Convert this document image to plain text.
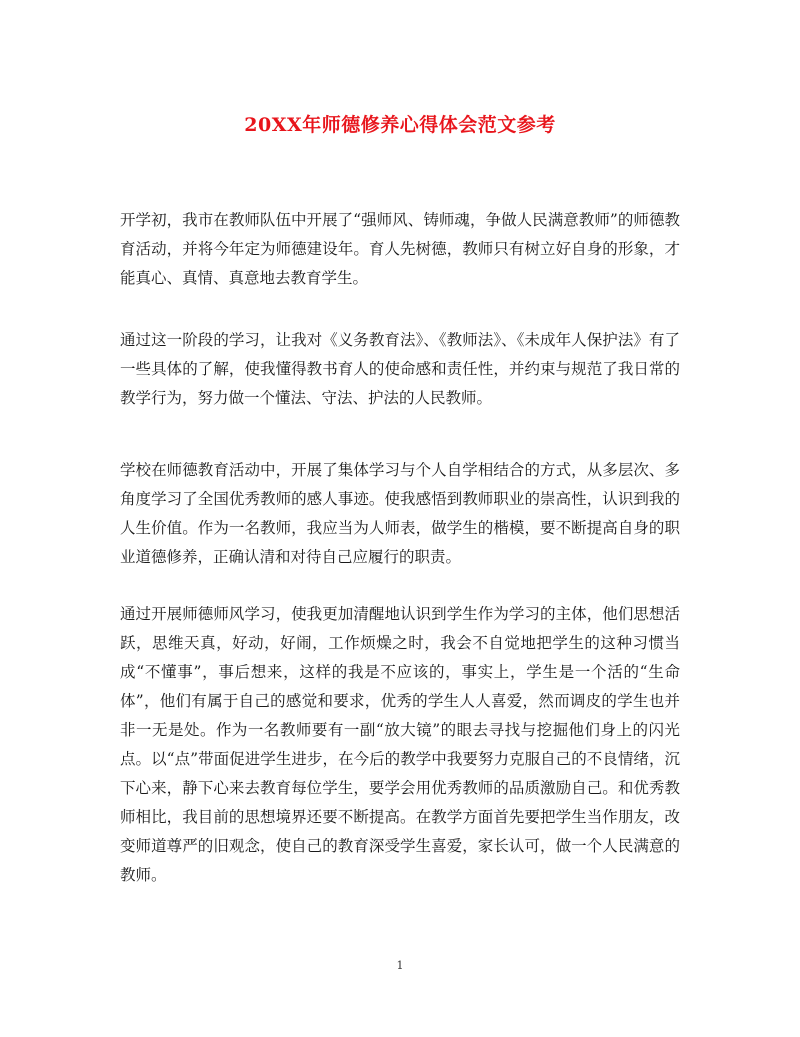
20XX年师德修养心得体会范文参考

开学初，我市在教师队伍中开展了“强师风、铸师魂，争做人民满意教师”的师德教育活动，并将今年定为师德建设年。育人先树德，教师只有树立好自身的形象，才能真心、真情、真意地去教育学生。

通过这一阶段的学习，让我对《义务教育法》、《教师法》、《未成年人保护法》有了一些具体的了解，使我懂得教书育人的使命感和责任性，并约束与规范了我日常的教学行为，努力做一个懂法、守法、护法的人民教师。

学校在师德教育活动中，开展了集体学习与个人自学相结合的方式，从多层次、多角度学习了全国优秀教师的感人事迹。使我感悟到教师职业的崇高性，认识到我的人生价值。作为一名教师，我应当为人师表，做学生的楷模，要不断提高自身的职业道德修养，正确认清和对待自己应履行的职责。

通过开展师德师风学习，使我更加清醒地认识到学生作为学习的主体，他们思想活跃，思维天真，好动，好闹，工作烦燥之时，我会不自觉地把学生的这种习惯当成“不懂事”，事后想来，这样的我是不应该的，事实上，学生是一个活的“生命体”，他们有属于自己的感觉和要求，优秀的学生人人喜爱，然而调皮的学生也并非一无是处。作为一名教师要有一副“放大镜”的眼去寻找与挖掘他们身上的闪光点。以“点”带面促进学生进步，在今后的教学中我要努力克服自己的不良情绪，沉下心来，静下心来去教育每位学生，要学会用优秀教师的品质激励自己。和优秀教师相比，我目前的思想境界还要不断提高。在教学方面首先要把学生当作朋友，改变师道尊严的旧观念，使自己的教育深受学生喜爱，家长认可，做一个人民满意的教师。

1
